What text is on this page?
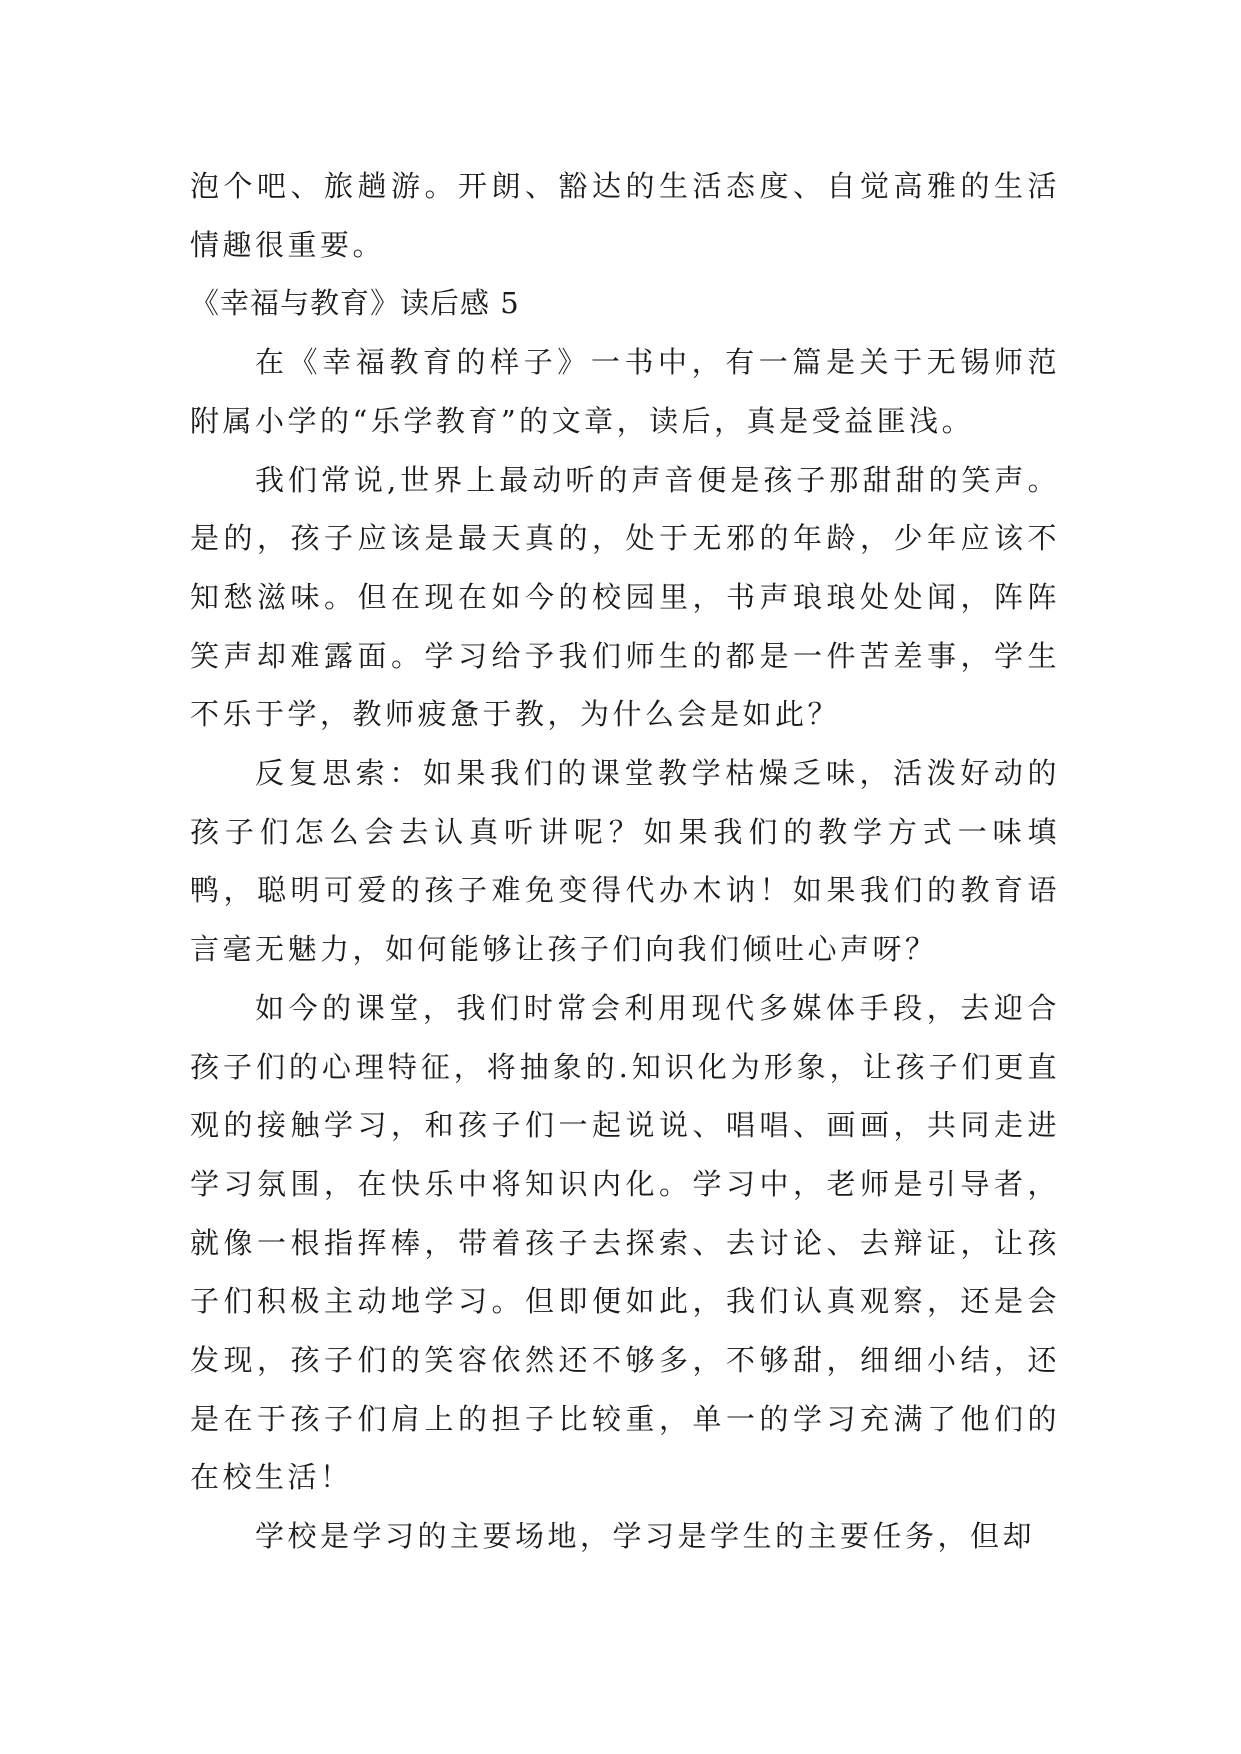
泡个吧、旅趟游。开朗、豁达的生活态度、自觉高雅的生活情趣很重要。

《幸福与教育》读后感 5

在《幸福教育的样子》一书中，有一篇是关于无锡师范附属小学的“乐学教育”的文章，读后，真是受益匪浅。

我们常说,世界上最动听的声音便是孩子那甜甜的笑声。是的，孩子应该是最天真的，处于无邪的年龄，少年应该不知愁滋味。但在现在如今的校园里，书声琅琅处处闻，阵阵笑声却难露面。学习给予我们师生的都是一件苦差事，学生不乐于学，教师疲惫于教，为什么会是如此？

反复思索：如果我们的课堂教学枯燥乏味，活泼好动的孩子们怎么会去认真听讲呢？如果我们的教学方式一味填鸭，聪明可爱的孩子难免变得代办木讷！如果我们的教育语言毫无魅力，如何能够让孩子们向我们倾吐心声呀？

如今的课堂，我们时常会利用现代多媒体手段，去迎合孩子们的心理特征，将抽象的.知识化为形象，让孩子们更直观的接触学习，和孩子们一起说说、唱唱、画画，共同走进学习氛围，在快乐中将知识内化。学习中，老师是引导者，就像一根指挥棒，带着孩子去探索、去讨论、去辩证，让孩子们积极主动地学习。但即便如此，我们认真观察，还是会发现，孩子们的笑容依然还不够多，不够甜，细细小结，还是在于孩子们肩上的担子比较重，单一的学习充满了他们的在校生活！

学校是学习的主要场地，学习是学生的主要任务，但却
